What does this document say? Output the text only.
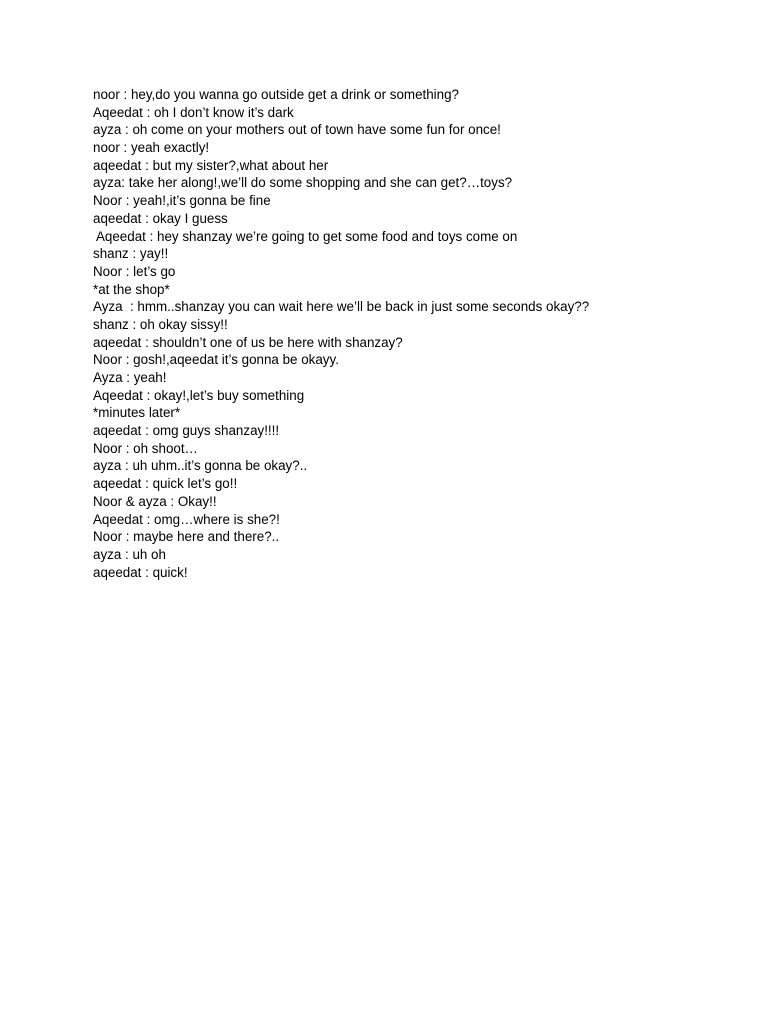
noor : hey,do you wanna go outside get a drink or something?
Aqeedat : oh I don’t know it’s dark
ayza : oh come on your mothers out of town have some fun for once!
noor : yeah exactly!
aqeedat : but my sister?,what about her
ayza: take her along!,we’ll do some shopping and she can get?…toys?
Noor : yeah!,it’s gonna be fine
aqeedat : okay I guess
Aqeedat : hey shanzay we’re going to get some food and toys come on
shanz : yay!!
Noor : let’s go
*at the shop*
Ayza  : hmm..shanzay you can wait here we’ll be back in just some seconds okay??
shanz : oh okay sissy!!
aqeedat : shouldn’t one of us be here with shanzay?
Noor : gosh!,aqeedat it’s gonna be okayy.
Ayza : yeah!
Aqeedat : okay!,let’s buy something
*minutes later*
aqeedat : omg guys shanzay!!!!
Noor : oh shoot…
ayza : uh uhm..it’s gonna be okay?..
aqeedat : quick let’s go!!
Noor & ayza : Okay!!
Aqeedat : omg…where is she?!
Noor : maybe here and there?..
ayza : uh oh
aqeedat : quick!
